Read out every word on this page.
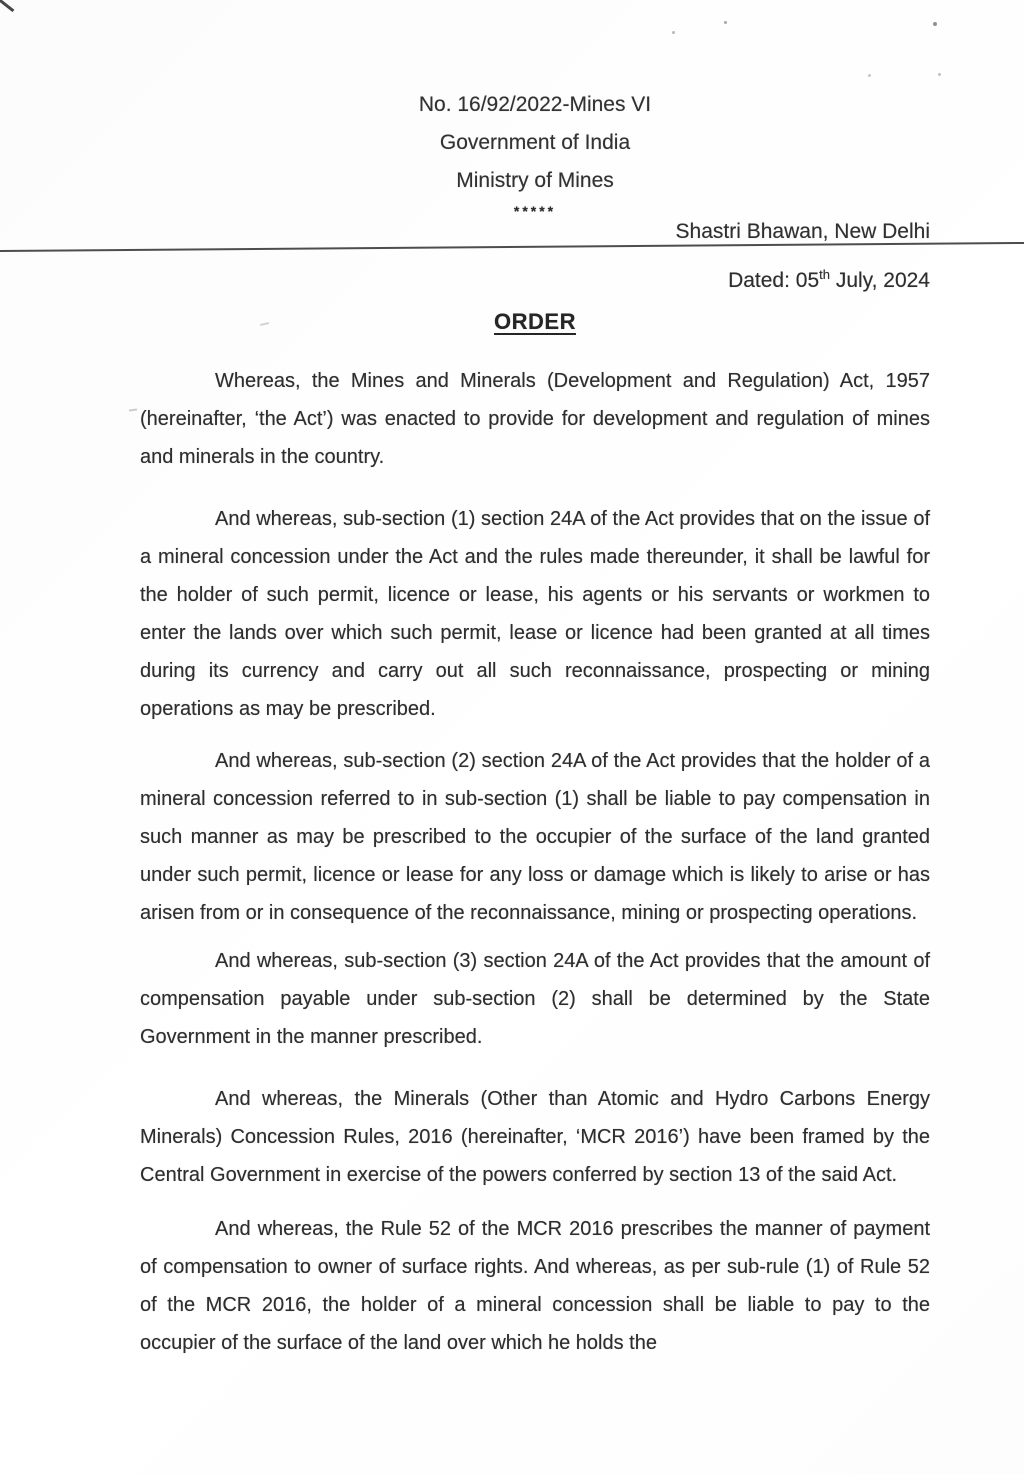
No. 16/92/2022-Mines VI
Government of India
Ministry of Mines
*****
Shastri Bhawan, New Delhi
Dated: 05th July, 2024
ORDER

Whereas, the Mines and Minerals (Development and Regulation) Act, 1957 (hereinafter, ‘the Act’) was enacted to provide for development and regulation of mines and minerals in the country.

And whereas, sub-section (1) section 24A of the Act provides that on the issue of a mineral concession under the Act and the rules made thereunder, it shall be lawful for the holder of such permit, licence or lease, his agents or his servants or workmen to enter the lands over which such permit, lease or licence had been granted at all times during its currency and carry out all such reconnaissance, prospecting or mining operations as may be prescribed.

And whereas, sub-section (2) section 24A of the Act provides that the holder of a mineral concession referred to in sub-section (1) shall be liable to pay compensation in such manner as may be prescribed to the occupier of the surface of the land granted under such permit, licence or lease for any loss or damage which is likely to arise or has arisen from or in consequence of the reconnaissance, mining or prospecting operations.

And whereas, sub-section (3) section 24A of the Act provides that the amount of compensation payable under sub-section (2) shall be determined by the State Government in the manner prescribed.

And whereas, the Minerals (Other than Atomic and Hydro Carbons Energy Minerals) Concession Rules, 2016 (hereinafter, ‘MCR 2016’) have been framed by the Central Government in exercise of the powers conferred by section 13 of the said Act.

And whereas, the Rule 52 of the MCR 2016 prescribes the manner of payment of compensation to owner of surface rights. And whereas, as per sub-rule (1) of Rule 52 of the MCR 2016, the holder of a mineral concession shall be liable to pay to the occupier of the surface of the land over which he holds the
